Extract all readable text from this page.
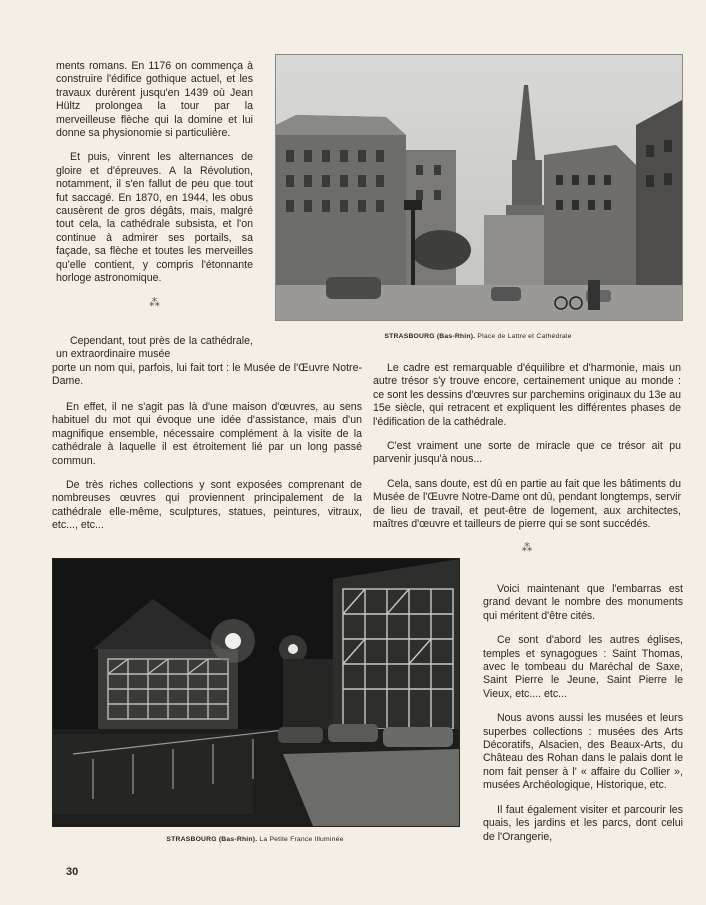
ments romans. En 1176 on commença à construire l'édifice gothique actuel, et les travaux durèrent jusqu'en 1439 où Jean Hültz prolongea la tour par la merveilleuse flèche qui la domine et lui donne sa physionomie si particulière.

Et puis, vinrent les alternances de gloire et d'épreuves. A la Révolution, notamment, il s'en fallut de peu que tout fut saccagé. En 1870, en 1944, les obus causèrent de gros dégâts, mais, malgré tout cela, la cathédrale subsista, et l'on continue à admirer ses portails, sa façade, sa flèche et toutes les merveilles qu'elle contient, y compris l'étonnante horloge astronomique.

⁂
STRASBOURG (Bas-Rhin). Place de Lattre et Cathédrale

Cependant, tout près de la cathédrale, un extraordinaire musée

porte un nom qui, parfois, lui fait tort : le Musée de l'Œuvre Notre-Dame.

En effet, il ne s'agit pas là d'une maison d'œuvres, au sens habituel du mot qui évoque une idée d'assistance, mais d'un magnifique ensemble, nécessaire complément à la visite de la cathédrale à laquelle il est étroitement lié par un long passé commun.

De très riches collections y sont exposées comprenant de nombreuses œuvres qui proviennent principalement de la cathédrale elle-même, sculptures, statues, peintures, vitraux, etc..., etc...

Le cadre est remarquable d'équilibre et d'harmonie, mais un autre trésor s'y trouve encore, certainement unique au monde : ce sont les dessins d'œuvres sur parchemins originaux du 13e au 15e siècle, qui retracent et expliquent les différentes phases de l'édification de la cathédrale.

C'est vraiment une sorte de miracle que ce trésor ait pu parvenir jusqu'à nous...

Cela, sans doute, est dû en partie au fait que les bâtiments du Musée de l'Œuvre Notre-Dame ont dû, pendant longtemps, servir de lieu de travail, et peut-être de logement, aux architectes, maîtres d'œuvre et tailleurs de pierre qui se sont succédés.

⁂
STRASBOURG (Bas-Rhin). La Petite France Illuminée

Voici maintenant que l'embarras est grand devant le nombre des monuments qui méritent d'être cités.

Ce sont d'abord les autres églises, temples et synagogues : Saint Thomas, avec le tombeau du Maréchal de Saxe, Saint Pierre le Jeune, Saint Pierre le Vieux, etc.... etc...

Nous avons aussi les musées et leurs superbes collections : musées des Arts Décoratifs, Alsacien, des Beaux-Arts, du Château des Rohan dans le palais dont le nom fait penser à l' « affaire du Collier », musées Archéologique, Historique, etc.

Il faut également visiter et parcourir les quais, les jardins et les parcs, dont celui de l'Orangerie,

30
